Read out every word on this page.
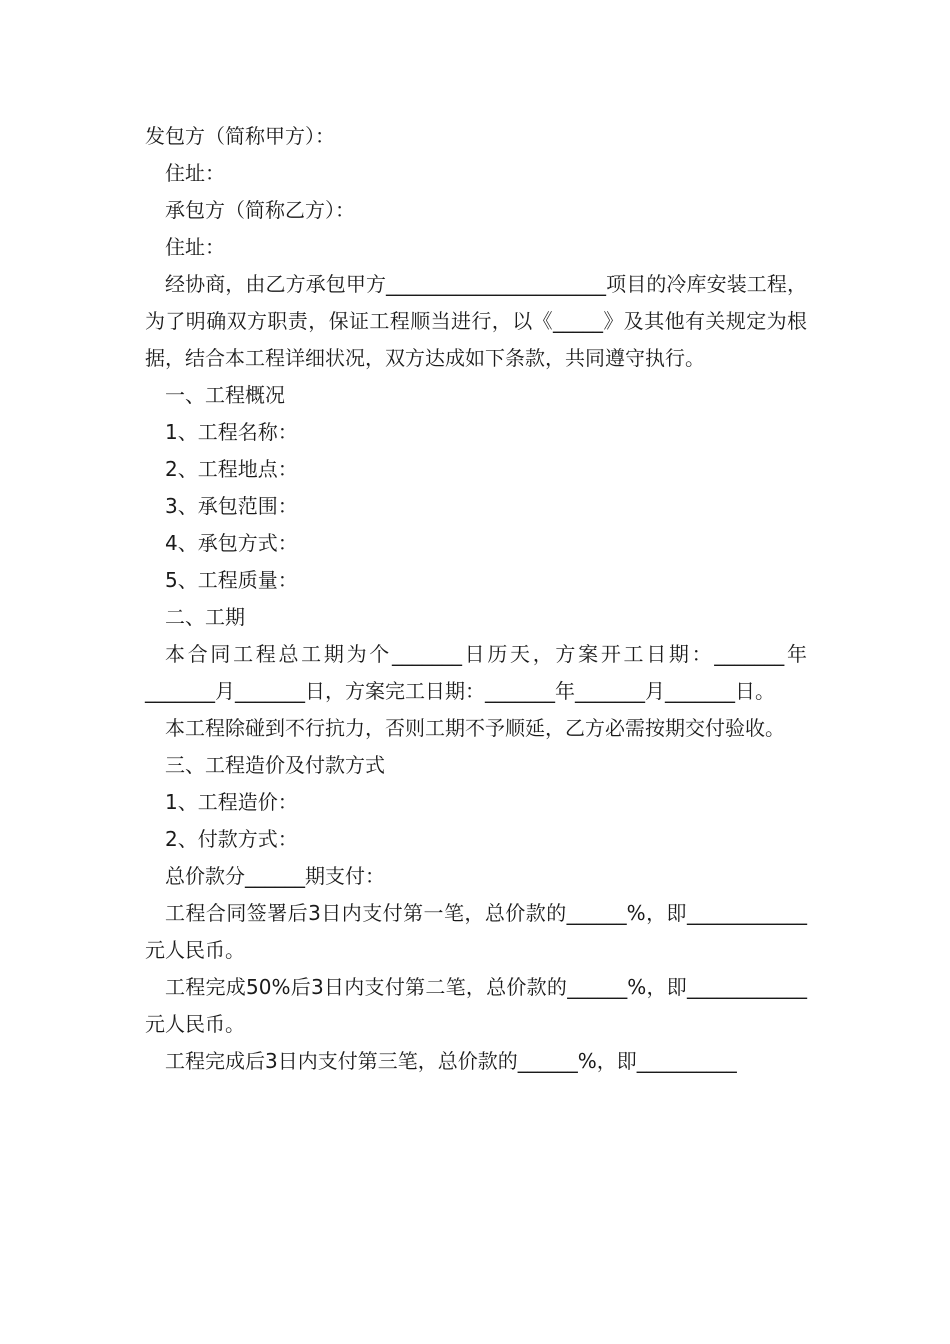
发包方（简称甲方）：

住址：

承包方（简称乙方）：

住址：

经协商，由乙方承包甲方______________________项目的冷库安装工程，为了明确双方职责，保证工程顺当进行，以《_____》及其他有关规定为根据，结合本工程详细状况，双方达成如下条款，共同遵守执行。

一、工程概况

1、工程名称：

2、工程地点：

3、承包范围：

4、承包方式：

5、工程质量：

二、工期

本合同工程总工期为个_______日历天，方案开工日期：_______年_______月_______日，方案完工日期：_______年_______月_______日。

本工程除碰到不行抗力，否则工期不予顺延，乙方必需按期交付验收。

三、工程造价及付款方式

1、工程造价：

2、付款方式：

总价款分______期支付：

工程合同签署后3日内支付第一笔，总价款的______%，即____________元人民币。

工程完成50%后3日内支付第二笔，总价款的______%，即____________元人民币。

工程完成后3日内支付第三笔，总价款的______%，即__________
